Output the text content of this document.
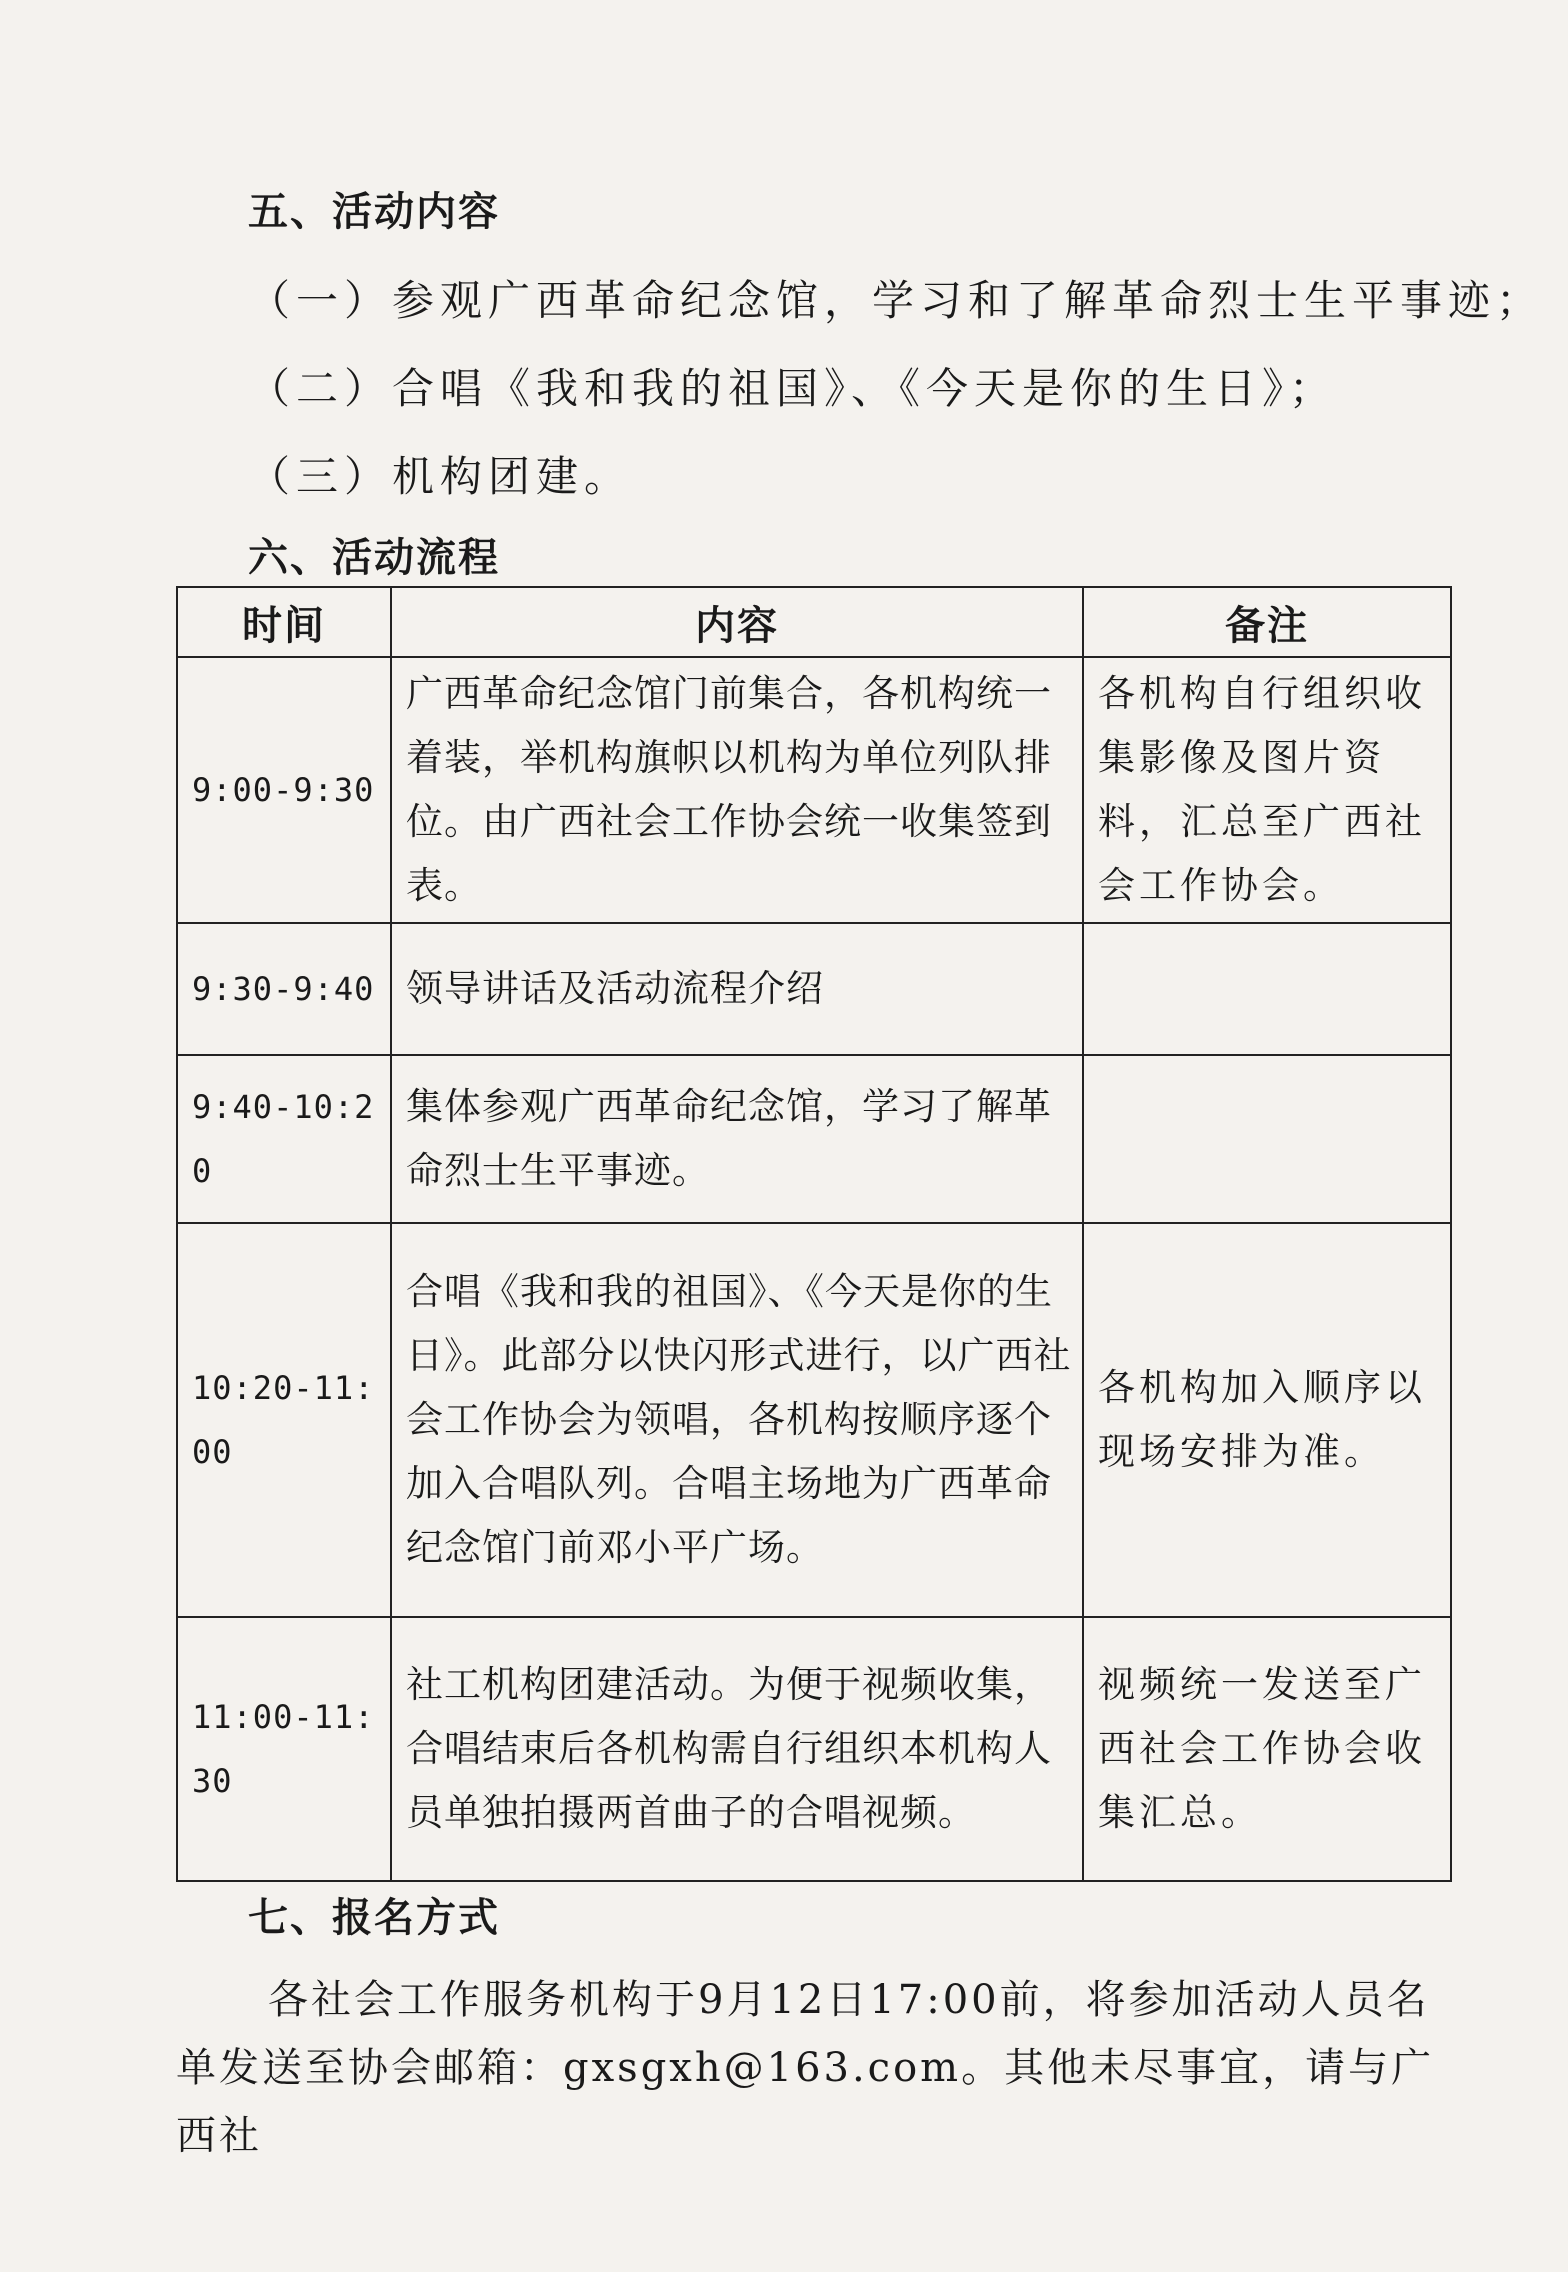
五、活动内容

（一）参观广西革命纪念馆，学习和了解革命烈士生平事迹；

（二）合唱《我和我的祖国》、《今天是你的生日》；

（三）机构团建。

六、活动流程
时间	内容	备注
9:00-9:30	广西革命纪念馆门前集合，各机构统一着装，举机构旗帜以机构为单位列队排位。由广西社会工作协会统一收集签到表。	各机构自行组织收集影像及图片资料，汇总至广西社会工作协会。
9:30-9:40	领导讲话及活动流程介绍	
9:40-10:20	集体参观广西革命纪念馆，学习了解革命烈士生平事迹。	
10:20-11:00	合唱《我和我的祖国》、《今天是你的生日》。此部分以快闪形式进行，以广西社会工作协会为领唱，各机构按顺序逐个加入合唱队列。合唱主场地为广西革命纪念馆门前邓小平广场。	各机构加入顺序以现场安排为准。
11:00-11:30	社工机构团建活动。为便于视频收集，合唱结束后各机构需自行组织本机构人员单独拍摄两首曲子的合唱视频。	视频统一发送至广西社会工作协会收集汇总。
七、报名方式

各社会工作服务机构于9月12日17:00前，将参加活动人员名单发送至协会邮箱：gxsgxh@163.com。其他未尽事宜，请与广西社
